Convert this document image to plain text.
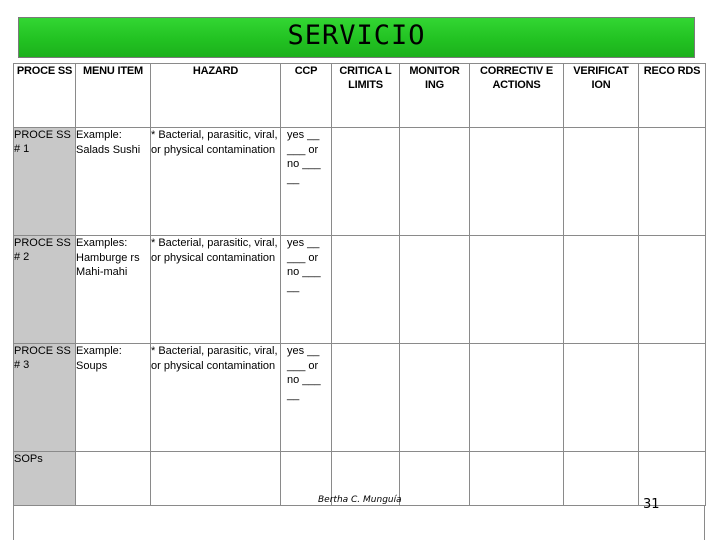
SERVICIO
PROCE SS	MENU ITEM	HAZARD	CCP	CRITICA L LIMITS	MONITOR ING	CORRECTIV E ACTIONS	VERIFICAT ION	RECO RDS
PROCE SS # 1	Example: Salads Sushi	* Bacterial, parasitic, viral, or physical contamination	yes __ ___ or no ___ __					
PROCE SS # 2	Examples: Hamburge rs Mahi-mahi	* Bacterial, parasitic, viral, or physical contamination	yes __ ___ or no ___ __					
PROCE SS # 3	Example: Soups	* Bacterial, parasitic, viral, or physical contamination	yes __ ___ or no ___ __					
SOPs								
Bertha C. Munguía	31
